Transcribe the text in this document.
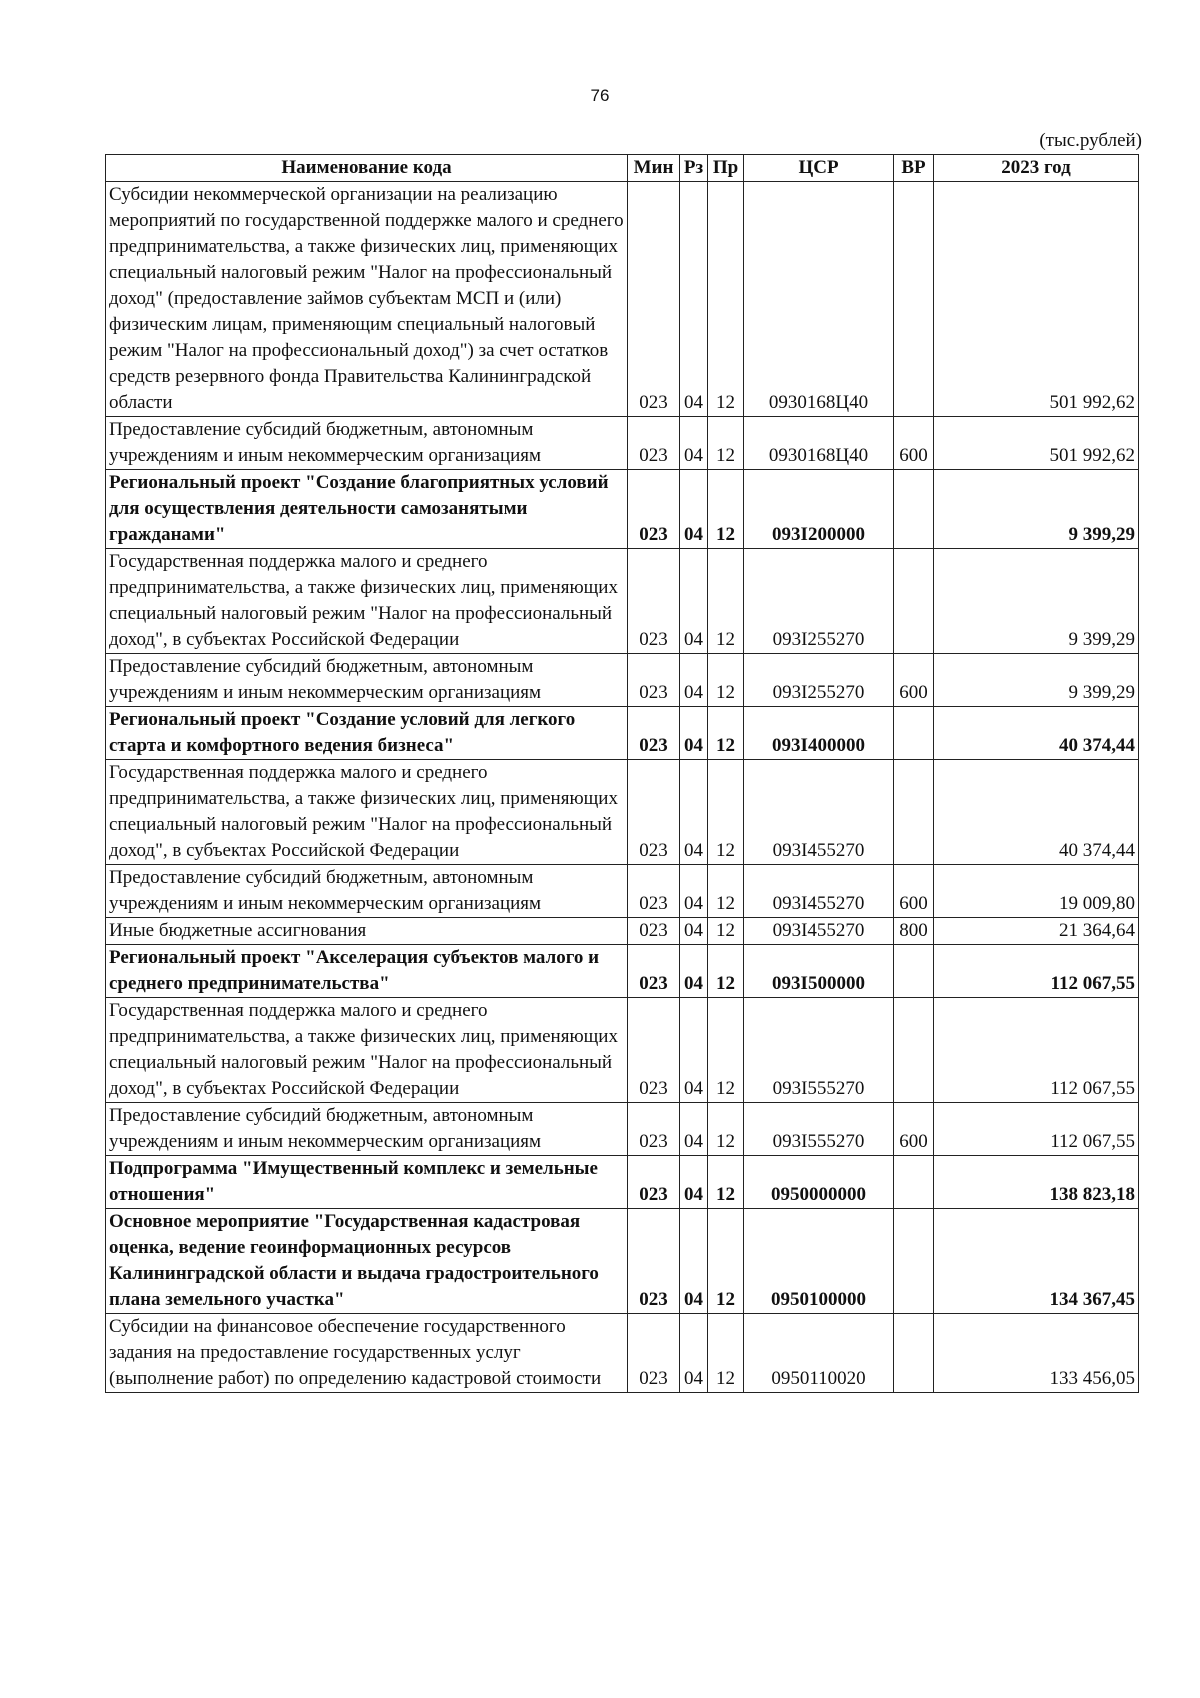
76
(тыс.рублей)
Наименование кода	Мин	Рз	Пр	ЦСР	ВР	2023 год
Субсидии некоммерческой организации на реализацию мероприятий по государственной поддержке малого и среднего предпринимательства, а также физических лиц, применяющих специальный налоговый режим "Налог на профессиональный доход" (предоставление займов субъектам МСП и (или) физическим лицам, применяющим специальный налоговый режим "Налог на профессиональный доход") за счет остатков средств резервного фонда Правительства Калининградской области	023	04	12	0930168Ц40		501 992,62
Предоставление субсидий бюджетным, автономным учреждениям и иным некоммерческим организациям	023	04	12	0930168Ц40	600	501 992,62
Региональный проект "Создание благоприятных условий для осуществления деятельности самозанятыми гражданами"	023	04	12	093I200000		9 399,29
Государственная поддержка малого и среднего предпринимательства, а также физических лиц, применяющих специальный налоговый режим "Налог на профессиональный доход", в субъектах Российской Федерации	023	04	12	093I255270		9 399,29
Предоставление субсидий бюджетным, автономным учреждениям и иным некоммерческим организациям	023	04	12	093I255270	600	9 399,29
Региональный проект "Создание условий для легкого старта и комфортного ведения бизнеса"	023	04	12	093I400000		40 374,44
Государственная поддержка малого и среднего предпринимательства, а также физических лиц, применяющих специальный налоговый режим "Налог на профессиональный доход", в субъектах Российской Федерации	023	04	12	093I455270		40 374,44
Предоставление субсидий бюджетным, автономным учреждениям и иным некоммерческим организациям	023	04	12	093I455270	600	19 009,80
Иные бюджетные ассигнования	023	04	12	093I455270	800	21 364,64
Региональный проект "Акселерация субъектов малого и среднего предпринимательства"	023	04	12	093I500000		112 067,55
Государственная поддержка малого и среднего предпринимательства, а также физических лиц, применяющих специальный налоговый режим "Налог на профессиональный доход", в субъектах Российской Федерации	023	04	12	093I555270		112 067,55
Предоставление субсидий бюджетным, автономным учреждениям и иным некоммерческим организациям	023	04	12	093I555270	600	112 067,55
Подпрограмма "Имущественный комплекс и земельные отношения"	023	04	12	0950000000		138 823,18
Основное мероприятие "Государственная кадастровая оценка, ведение геоинформационных ресурсов Калининградской области и выдача градостроительного плана земельного участка"	023	04	12	0950100000		134 367,45
Субсидии на финансовое обеспечение государственного задания на предоставление государственных услуг (выполнение работ) по определению кадастровой стоимости	023	04	12	0950110020		133 456,05
